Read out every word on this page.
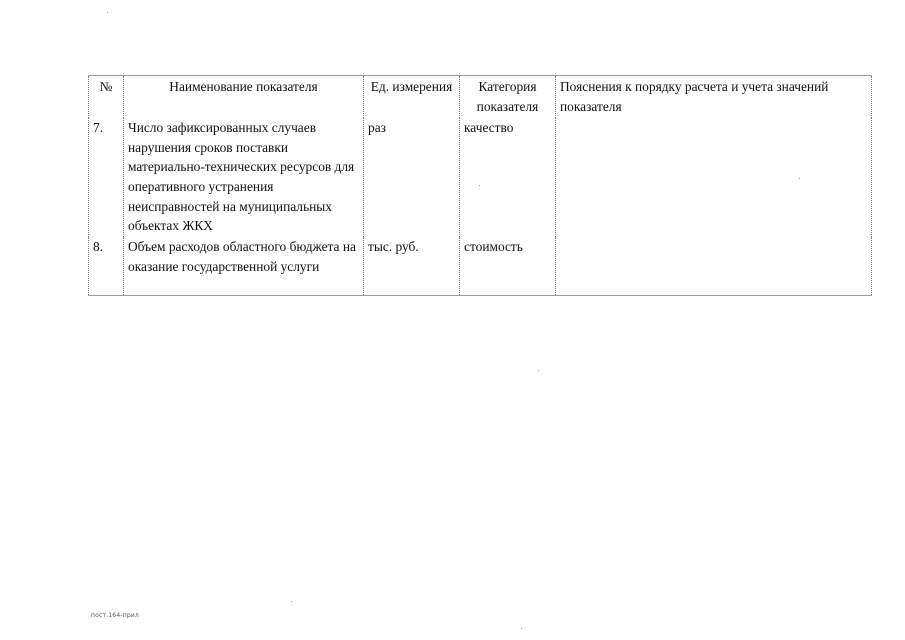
№	Наименование показателя	Ед. измерения	Категория показателя	Пояснения к порядку расчета и учета значений показателя
7.	Число зафиксированных случаев нарушения сроков поставки материально-технических ресурсов для оперативного устранения неисправностей на муниципальных объектах ЖКХ	раз	качество	
8.	Объем расходов областного бюджета на оказание государственной услуги	тыс. руб.	стоимость	
пост.164-прил
